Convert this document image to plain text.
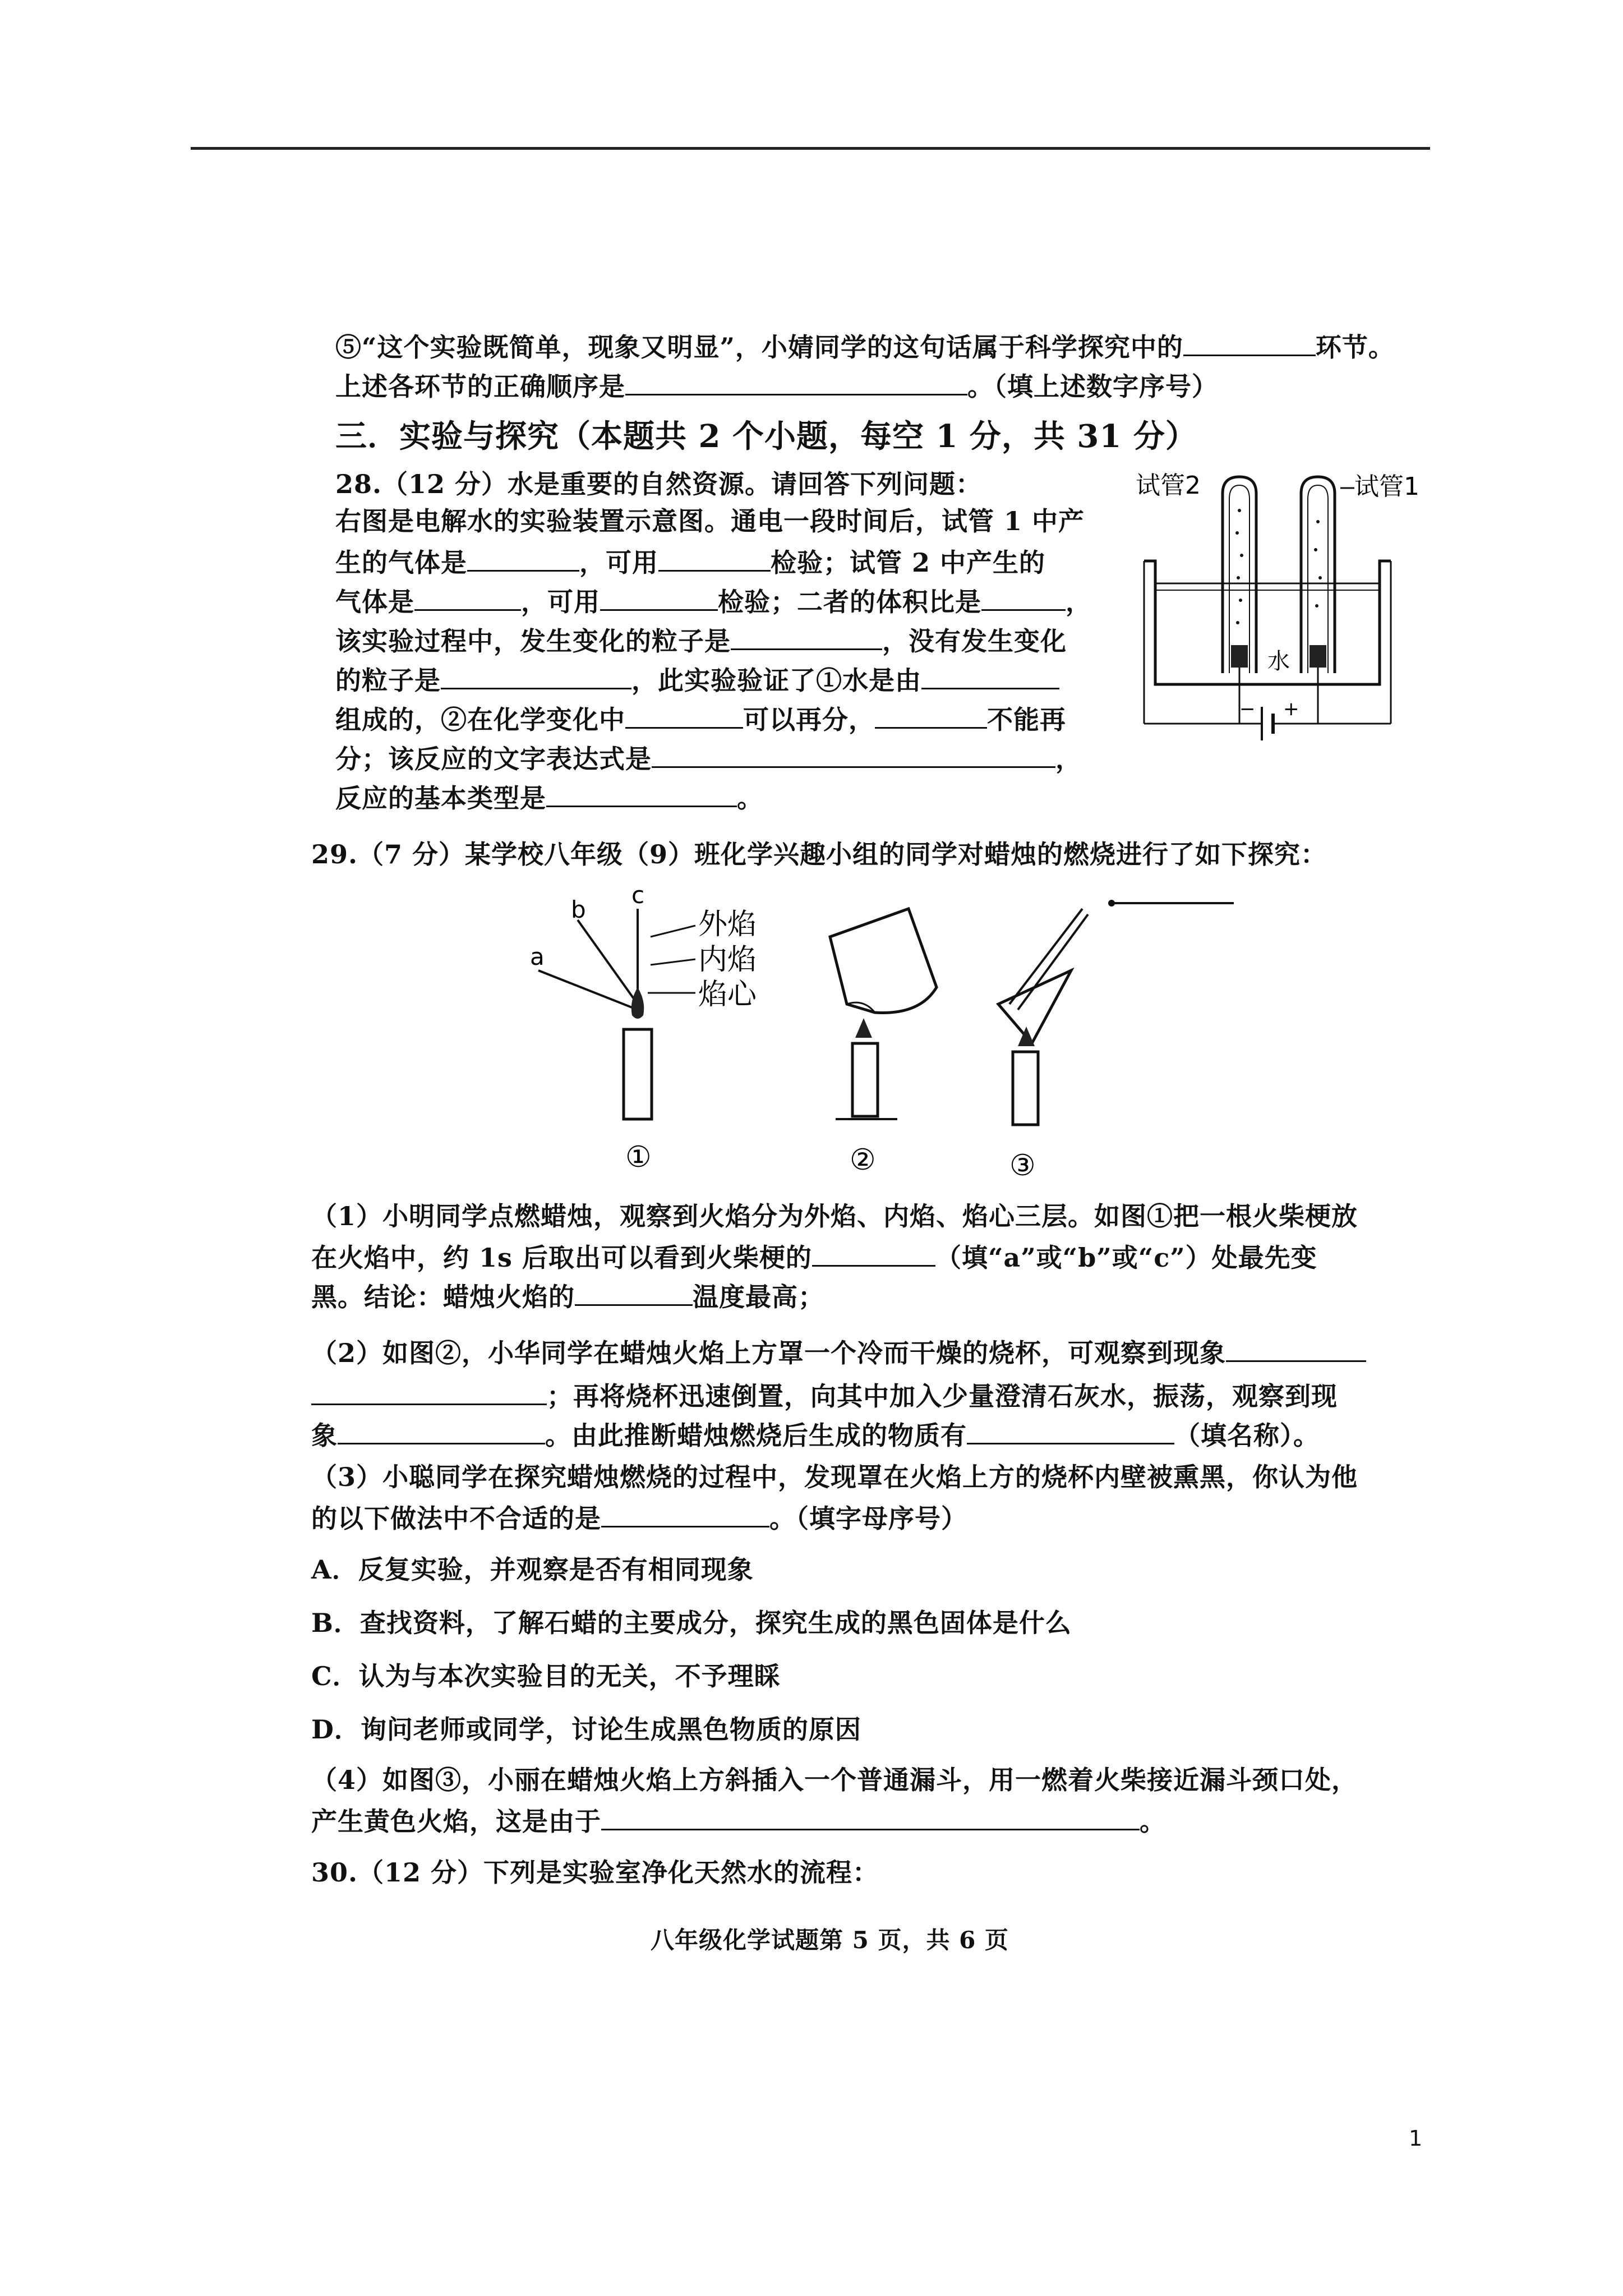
⑤“这个实验既简单，现象又明显”，小婧同学的这句话属于科学探究中的	环节。
上述各环节的正确顺序是	。（填上述数字序号）
三．实验与探究（本题共 2 个小题，每空 1 分，共 31 分）
28.（12 分）水是重要的自然资源。请回答下列问题：
右图是电解水的实验装置示意图。通电一段时间后，试管 1 中产
生的气体是	，可用	检验；试管 2 中产生的
气体是	，可用	检验；二者的体积比是	，
该实验过程中，发生变化的粒子是	，没有发生变化
的粒子是	，此实验验证了①水是由
组成的，②在化学变化中	可以再分，	不能再
分；该反应的文字表达式是	，
反应的基本类型是	。
试管2	试管1
水
− +
29.（7 分）某学校八年级（9）班化学兴趣小组的同学对蜡烛的燃烧进行了如下探究：
c
b
a
外焰
内焰
焰心
①	②	③
（1）小明同学点燃蜡烛，观察到火焰分为外焰、内焰、焰心三层。如图①把一根火柴梗放
在火焰中，约 1s 后取出可以看到火柴梗的	（填“a”或“b”或“c”）处最先变
黑。结论：蜡烛火焰的	温度最高；
（2）如图②，小华同学在蜡烛火焰上方罩一个冷而干燥的烧杯，可观察到现象
；再将烧杯迅速倒置，向其中加入少量澄清石灰水，振荡，观察到现
象	。由此推断蜡烛燃烧后生成的物质有	（填名称）。
（3）小聪同学在探究蜡烛燃烧的过程中，发现罩在火焰上方的烧杯内壁被熏黑，你认为他
的以下做法中不合适的是	。（填字母序号）
A．反复实验，并观察是否有相同现象
B．查找资料，了解石蜡的主要成分，探究生成的黑色固体是什么
C．认为与本次实验目的无关，不予理睬
D．询问老师或同学，讨论生成黑色物质的原因
（4）如图③，小丽在蜡烛火焰上方斜插入一个普通漏斗，用一燃着火柴接近漏斗颈口处，
产生黄色火焰，这是由于	。
30.（12 分）下列是实验室净化天然水的流程：
八年级化学试题第 5 页，共 6 页
1
